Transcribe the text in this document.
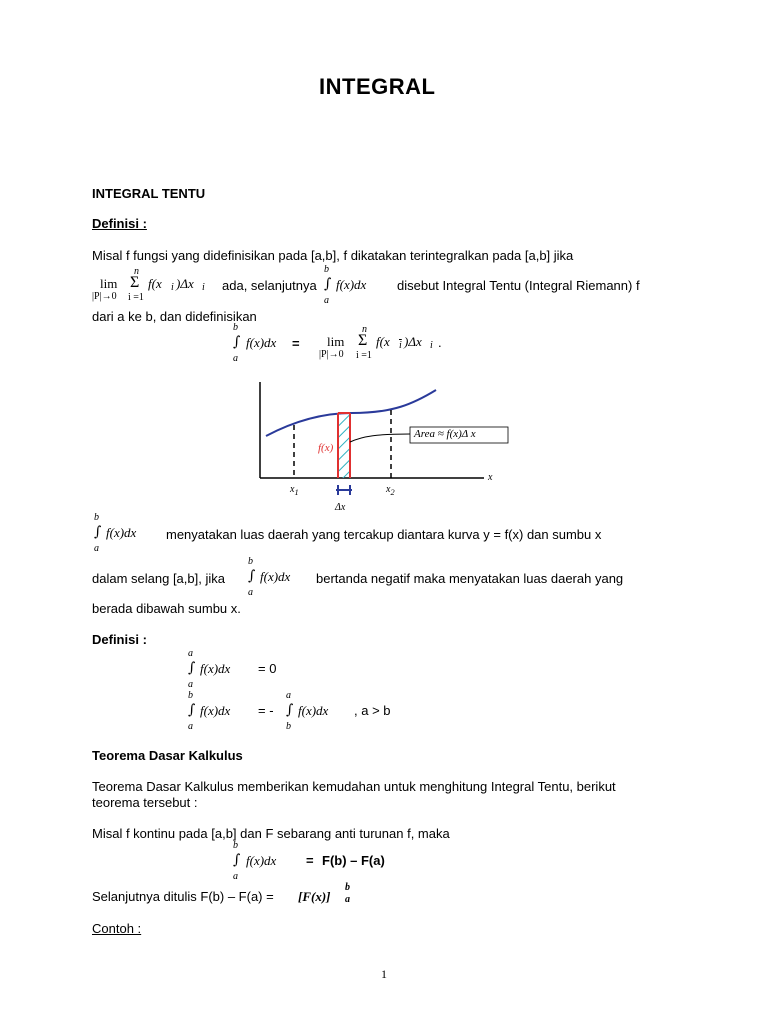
INTEGRAL
INTEGRAL TENTU
Definisi :
Misal f fungsi yang didefinisikan pada [a,b], f dikatakan terintegralkan pada [a,b] jika
lim
|P|→0
n
Σ
i =1
f(x i )Δx i ada, selanjutnya
b
∫ f(x)dx
a
disebut Integral Tentu (Integral Riemann) f
dari a ke b, dan didefinisikan
b
∫ f(x)dx
a
= lim
|P|→0
n
Σ
i =1
f(x $\overline{i}$ )Δx i .
f(x)
Area ≈ f(x)Δ x
x
$x_1$	$x_2$
Δx
b
∫ f(x)dx
a
menyatakan luas daerah yang tercakup diantara kurva y = f(x) dan sumbu x
dalam selang [a,b], jika
b
∫ f(x)dx
a
bertanda negatif maka menyatakan luas daerah yang
berada dibawah sumbu x.
Definisi :
a
∫ f(x)dx
a
= 0
b
∫ f(x)dx
a
= -
a
∫ f(x)dx
b
, a > b
Teorema Dasar Kalkulus
Teorema Dasar Kalkulus memberikan kemudahan untuk menghitung Integral Tentu, berikut
teorema tersebut :
Misal f kontinu pada [a,b] dan F sebarang anti turunan f, maka
b
∫ f(x)dx
a
= F(b) – F(a)
Selanjutnya ditulis F(b) – F(a) = [F(x)]
b
a
Contoh :
1
